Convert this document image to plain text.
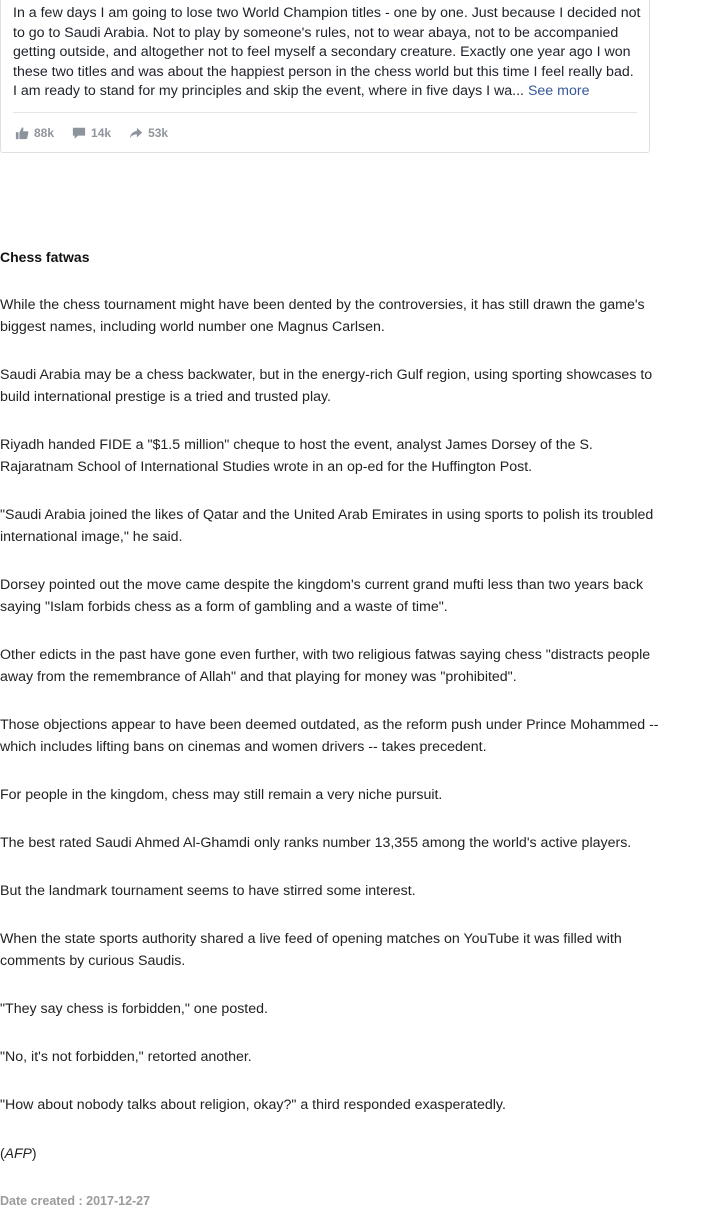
In a few days I am going to lose two World Champion titles - one by one. Just because I decided not to go to Saudi Arabia. Not to play by someone's rules, not to wear abaya, not to be accompanied getting outside, and altogether not to feel myself a secondary creature. Exactly one year ago I won these two titles and was about the happiest person in the chess world but this time I feel really bad. I am ready to stand for my principles and skip the event, where in five days I wa... See more

88k	14k	53k
Chess fatwas

While the chess tournament might have been dented by the controversies, it has still drawn the game's biggest names, including world number one Magnus Carlsen.

Saudi Arabia may be a chess backwater, but in the energy-rich Gulf region, using sporting showcases to build international prestige is a tried and trusted play.

Riyadh handed FIDE a "$1.5 million" cheque to host the event, analyst James Dorsey of the S. Rajaratnam School of International Studies wrote in an op-ed for the Huffington Post.

"Saudi Arabia joined the likes of Qatar and the United Arab Emirates in using sports to polish its troubled international image," he said.

Dorsey pointed out the move came despite the kingdom's current grand mufti less than two years back saying "Islam forbids chess as a form of gambling and a waste of time".

Other edicts in the past have gone even further, with two religious fatwas saying chess "distracts people away from the remembrance of Allah" and that playing for money was "prohibited".

Those objections appear to have been deemed outdated, as the reform push under Prince Mohammed -- which includes lifting bans on cinemas and women drivers -- takes precedent.

For people in the kingdom, chess may still remain a very niche pursuit.

The best rated Saudi Ahmed Al-Ghamdi only ranks number 13,355 among the world's active players.

But the landmark tournament seems to have stirred some interest.

When the state sports authority shared a live feed of opening matches on YouTube it was filled with comments by curious Saudis.

"They say chess is forbidden," one posted.

"No, it's not forbidden," retorted another.

"How about nobody talks about religion, okay?" a third responded exasperatedly.

(AFP)

Date created : 2017-12-27
